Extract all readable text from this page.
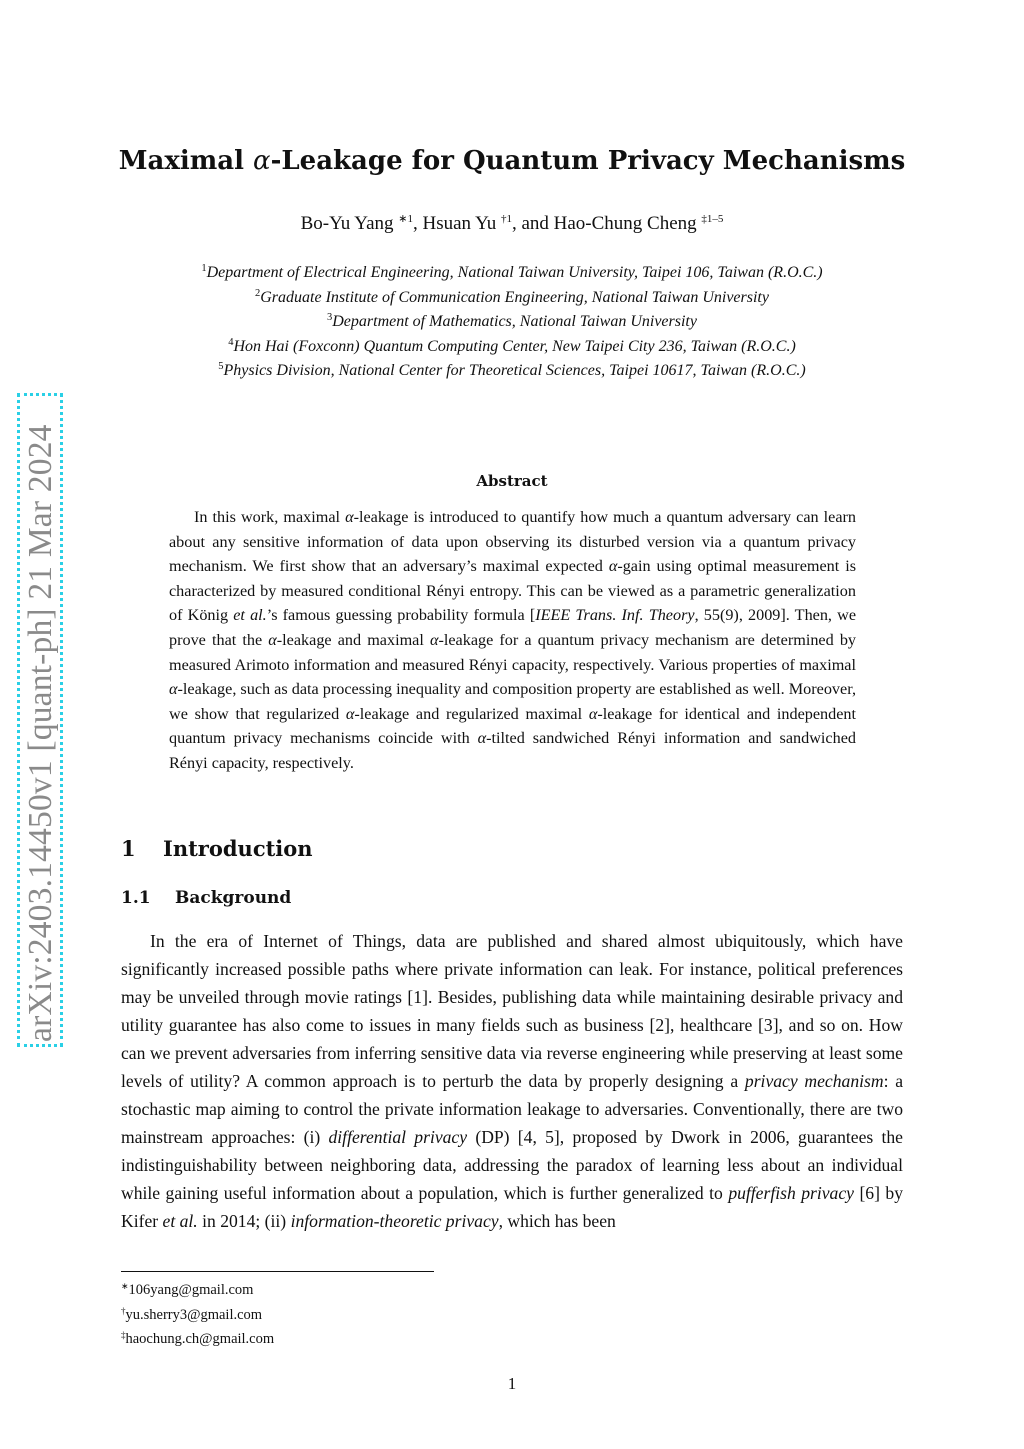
arXiv:2403.14450v1 [quant-ph] 21 Mar 2024
Maximal α-Leakage for Quantum Privacy Mechanisms
Bo-Yu Yang $^{∗1}$, Hsuan Yu $^{\dagger 1}$, and Hao-Chung Cheng $^{\ddagger 1-5}$
$^1$Department of Electrical Engineering, National Taiwan University, Taipei 106, Taiwan (R.O.C.)
$^2$Graduate Institute of Communication Engineering, National Taiwan University
$^3$Department of Mathematics, National Taiwan University
$^4$Hon Hai (Foxconn) Quantum Computing Center, New Taipei City 236, Taiwan (R.O.C.)
$^5$Physics Division, National Center for Theoretical Sciences, Taipei 10617, Taiwan (R.O.C.)
Abstract
In this work, maximal α-leakage is introduced to quantify how much a quantum adversary can learn about any sensitive information of data upon observing its disturbed version via a quantum privacy mechanism. We first show that an adversary’s maximal expected α-gain using optimal measurement is characterized by measured conditional Rényi entropy. This can be viewed as a parametric generalization of König et al.’s famous guessing probability formula [IEEE Trans. Inf. Theory, 55(9), 2009]. Then, we prove that the α-leakage and maximal α-leakage for a quantum privacy mechanism are determined by measured Arimoto information and measured Rényi capacity, respectively. Various properties of maximal α-leakage, such as data processing inequality and composition property are established as well. Moreover, we show that regularized α-leakage and regularized maximal α-leakage for identical and independent quantum privacy mechanisms coincide with α-tilted sandwiched Rényi information and sandwiched Rényi capacity, respectively.
1 Introduction
1.1 Background
In the era of Internet of Things, data are published and shared almost ubiquitously, which have significantly increased possible paths where private information can leak. For instance, political preferences may be unveiled through movie ratings [1]. Besides, publishing data while maintaining desirable privacy and utility guarantee has also come to issues in many fields such as business [2], healthcare [3], and so on. How can we prevent adversaries from inferring sensitive data via reverse engineering while preserving at least some levels of utility? A common approach is to perturb the data by properly designing a privacy mechanism: a stochastic map aiming to control the private information leakage to adversaries. Conventionally, there are two mainstream approaches: (i) differential privacy (DP) [4, 5], proposed by Dwork in 2006, guarantees the indistinguishability between neighboring data, addressing the paradox of learning less about an individual while gaining useful information about a population, which is further generalized to pufferfish privacy [6] by Kifer et al. in 2014; (ii) information-theoretic privacy, which has been
∗106yang@gmail.com
†yu.sherry3@gmail.com
‡haochung.ch@gmail.com
1
